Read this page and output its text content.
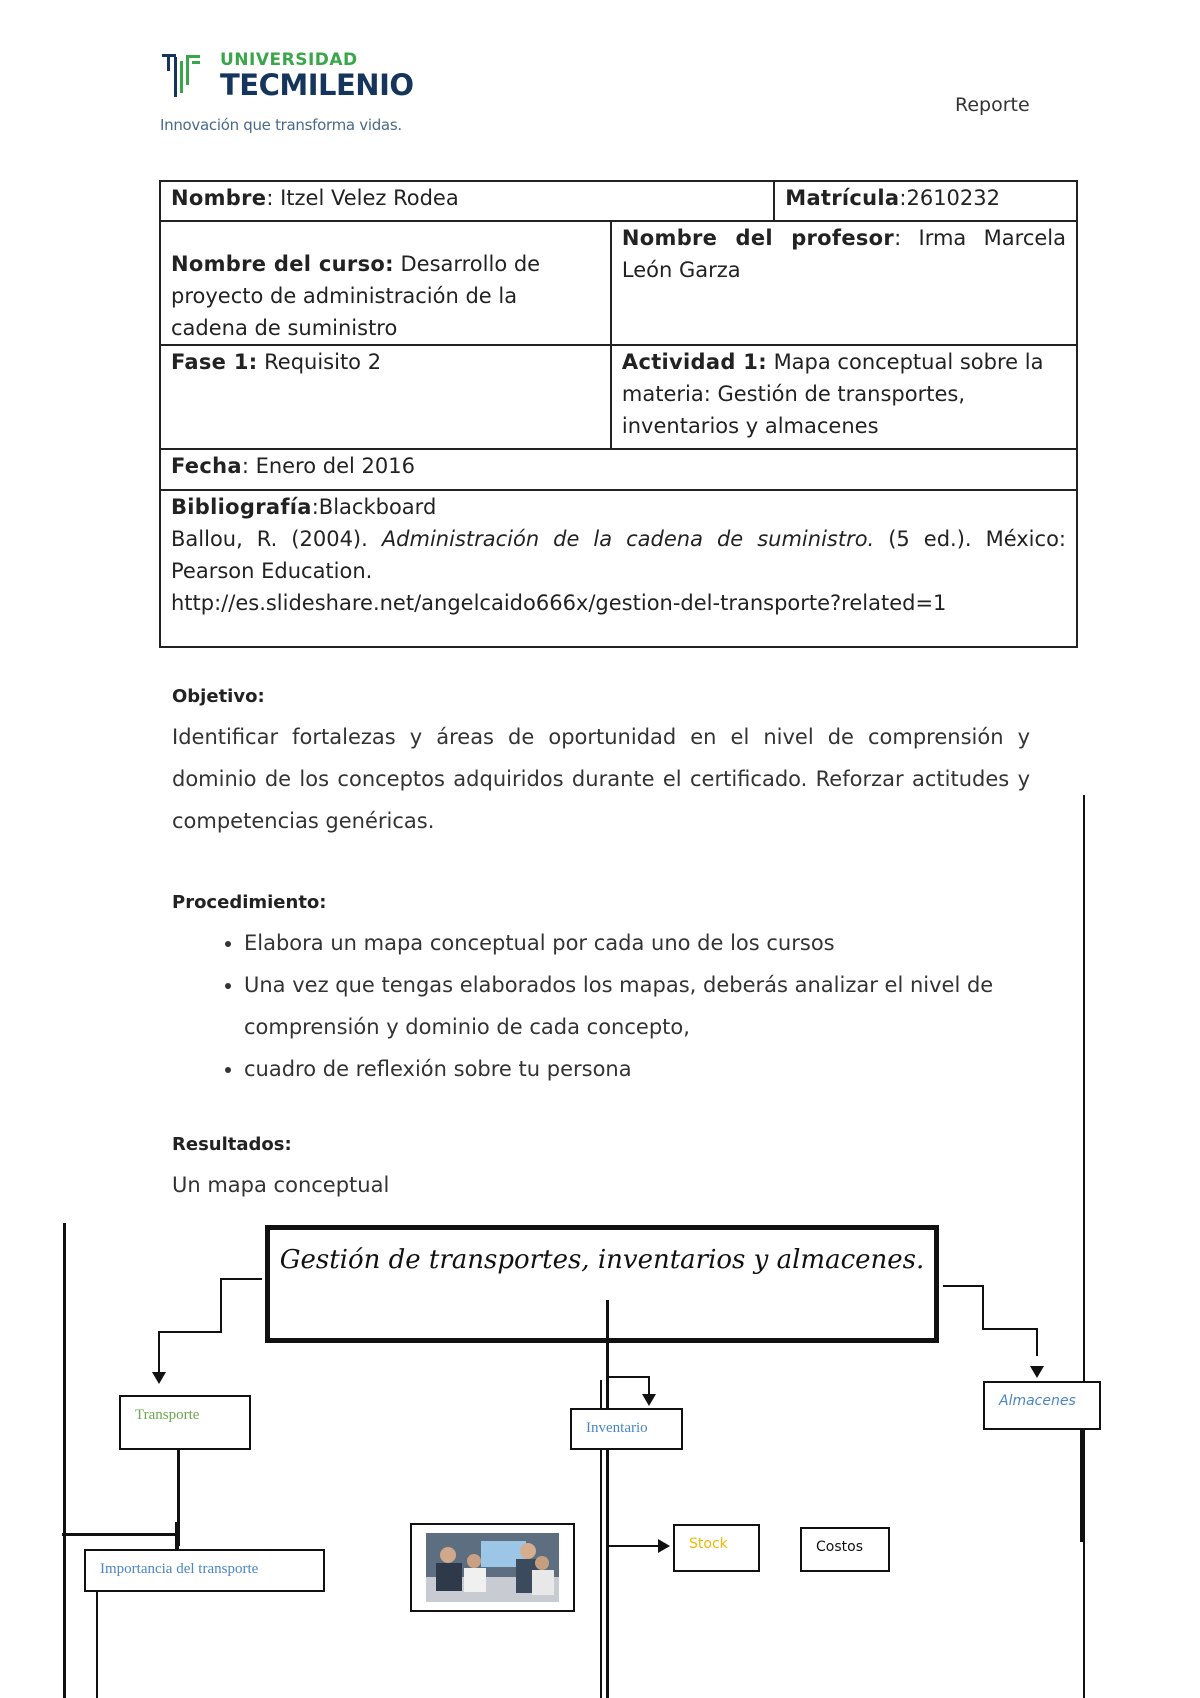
UNIVERSIDAD
TECMILENIO
Innovación que transforma vidas.
Reporte
Nombre: Itzel Velez Rodea		Matrícula:2610232
Nombre del curso: Desarrollo de proyecto de administración de la cadena de suministro	Nombre del profesor: Irma Marcela León Garza	
Fase 1: Requisito 2	Actividad 1: Mapa conceptual sobre la materia: Gestión de transportes, inventarios y almacenes	
Fecha: Enero del 2016		

Bibliografía:Blackboard
Ballou, R. (2004). Administración de la cadena de suministro. (5 ed.). México: Pearson Education.
http://es.slideshare.net/angelcaido666x/gestion-del-transporte?related=1		
Objetivo:
Identificar fortalezas y áreas de oportunidad en el nivel de comprensión y dominio de los conceptos adquiridos durante el certificado. Reforzar actitudes y competencias genéricas.
Procedimiento:
• Elabora un mapa conceptual por cada uno de los cursos
• Una vez que tengas elaborados los mapas, deberás analizar el nivel de comprensión y dominio de cada concepto,
• cuadro de reflexión sobre tu persona
Resultados:
Un mapa conceptual
Gestión de transportes, inventarios y almacenes.
Transporte
Importancia del transporte
Inventario
Almacenes
Stock	Costos
